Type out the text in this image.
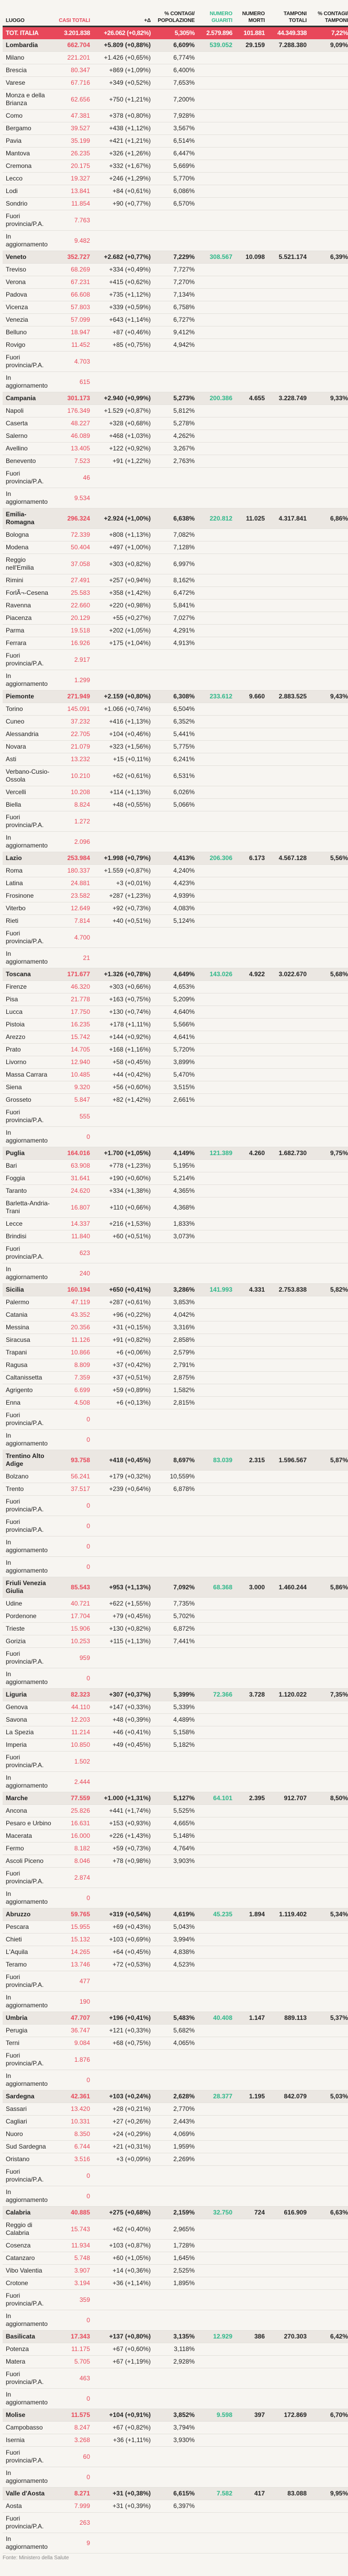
LUOGO	CASI TOTALI	+Δ	% CONTAGI/ POPOLAZIONE	NUMERO GUARITI	NUMERO MORTI	TAMPONI TOTALI	% CONTAGI/ TAMPONI
TOT. ITALIA	3.201.838	+26.062 (+0,82%)	5,305%	2.579.896	101.881	44.349.338	7,22%
Lombardia	662.704	+5.809 (+0,88%)	6,609%	539.052	29.159	7.288.380	9,09%
Milano	221.201	+1.426 (+0,65%)	6,774%				
Brescia	80.347	+869 (+1,09%)	6,400%				
Varese	67.716	+349 (+0,52%)	7,653%				
Monza e della Brianza	62.656	+750 (+1,21%)	7,200%				
Como	47.381	+378 (+0,80%)	7,928%				
Bergamo	39.527	+438 (+1,12%)	3,567%				
Pavia	35.199	+421 (+1,21%)	6,514%				
Mantova	26.235	+326 (+1,26%)	6,447%				
Cremona	20.175	+332 (+1,67%)	5,669%				
Lecco	19.327	+246 (+1,29%)	5,770%				
Lodi	13.841	+84 (+0,61%)	6,086%				
Sondrio	11.854	+90 (+0,77%)	6,570%				
Fuori provincia/P.A.	7.763						
In aggiornamento	9.482						
Veneto	352.727	+2.682 (+0,77%)	7,229%	308.567	10.098	5.521.174	6,39%
Treviso	68.269	+334 (+0,49%)	7,727%				
Verona	67.231	+415 (+0,62%)	7,270%				
Padova	66.608	+735 (+1,12%)	7,134%				
Vicenza	57.803	+339 (+0,59%)	6,758%				
Venezia	57.099	+643 (+1,14%)	6,727%				
Belluno	18.947	+87 (+0,46%)	9,412%				
Rovigo	11.452	+85 (+0,75%)	4,942%				
Fuori provincia/P.A.	4.703						
In aggiornamento	615						
Campania	301.173	+2.940 (+0,99%)	5,273%	200.386	4.655	3.228.749	9,33%
Napoli	176.349	+1.529 (+0,87%)	5,812%				
Caserta	48.227	+328 (+0,68%)	5,278%				
Salerno	46.089	+468 (+1,03%)	4,262%				
Avellino	13.405	+122 (+0,92%)	3,267%				
Benevento	7.523	+91 (+1,22%)	2,763%				
Fuori provincia/P.A.	46						
In aggiornamento	9.534						
Emilia-Romagna	296.324	+2.924 (+1,00%)	6,638%	220.812	11.025	4.317.841	6,86%
Bologna	72.339	+808 (+1,13%)	7,082%				
Modena	50.404	+497 (+1,00%)	7,128%				
Reggio nell'Emilia	37.058	+303 (+0,82%)	6,997%				
Rimini	27.491	+257 (+0,94%)	8,162%				
ForlÃ¬-Cesena	25.583	+358 (+1,42%)	6,472%				
Ravenna	22.660	+220 (+0,98%)	5,841%				
Piacenza	20.129	+55 (+0,27%)	7,027%				
Parma	19.518	+202 (+1,05%)	4,291%				
Ferrara	16.926	+175 (+1,04%)	4,913%				
Fuori provincia/P.A.	2.917						
In aggiornamento	1.299						
Piemonte	271.949	+2.159 (+0,80%)	6,308%	233.612	9.660	2.883.525	9,43%
Torino	145.091	+1.066 (+0,74%)	6,504%				
Cuneo	37.232	+416 (+1,13%)	6,352%				
Alessandria	22.705	+104 (+0,46%)	5,441%				
Novara	21.079	+323 (+1,56%)	5,775%				
Asti	13.232	+15 (+0,11%)	6,241%				
Verbano-Cusio-Ossola	10.210	+62 (+0,61%)	6,531%				
Vercelli	10.208	+114 (+1,13%)	6,026%				
Biella	8.824	+48 (+0,55%)	5,066%				
Fuori provincia/P.A.	1.272						
In aggiornamento	2.096						
Lazio	253.984	+1.998 (+0,79%)	4,413%	206.306	6.173	4.567.128	5,56%
Roma	180.337	+1.559 (+0,87%)	4,240%				
Latina	24.881	+3 (+0,01%)	4,423%				
Frosinone	23.582	+287 (+1,23%)	4,939%				
Viterbo	12.649	+92 (+0,73%)	4,083%				
Rieti	7.814	+40 (+0,51%)	5,124%				
Fuori provincia/P.A.	4.700						
In aggiornamento	21						
Toscana	171.677	+1.326 (+0,78%)	4,649%	143.026	4.922	3.022.670	5,68%
Firenze	46.320	+303 (+0,66%)	4,653%				
Pisa	21.778	+163 (+0,75%)	5,209%				
Lucca	17.750	+130 (+0,74%)	4,640%				
Pistoia	16.235	+178 (+1,11%)	5,566%				
Arezzo	15.742	+144 (+0,92%)	4,641%				
Prato	14.705	+168 (+1,16%)	5,720%				
Livorno	12.940	+58 (+0,45%)	3,899%				
Massa Carrara	10.485	+44 (+0,42%)	5,470%				
Siena	9.320	+56 (+0,60%)	3,515%				
Grosseto	5.847	+82 (+1,42%)	2,661%				
Fuori provincia/P.A.	555						
In aggiornamento	0						
Puglia	164.016	+1.700 (+1,05%)	4,149%	121.389	4.260	1.682.730	9,75%
Bari	63.908	+778 (+1,23%)	5,195%				
Foggia	31.641	+190 (+0,60%)	5,214%				
Taranto	24.620	+334 (+1,38%)	4,365%				
Barletta-Andria-Trani	16.807	+110 (+0,66%)	4,368%				
Lecce	14.337	+216 (+1,53%)	1,833%				
Brindisi	11.840	+60 (+0,51%)	3,073%				
Fuori provincia/P.A.	623						
In aggiornamento	240						
Sicilia	160.194	+650 (+0,41%)	3,286%	141.993	4.331	2.753.838	5,82%
Palermo	47.119	+287 (+0,61%)	3,853%				
Catania	43.352	+96 (+0,22%)	4,042%				
Messina	20.356	+31 (+0,15%)	3,316%				
Siracusa	11.126	+91 (+0,82%)	2,858%				
Trapani	10.866	+6 (+0,06%)	2,579%				
Ragusa	8.809	+37 (+0,42%)	2,791%				
Caltanissetta	7.359	+37 (+0,51%)	2,875%				
Agrigento	6.699	+59 (+0,89%)	1,582%				
Enna	4.508	+6 (+0,13%)	2,815%				
Fuori provincia/P.A.	0						
In aggiornamento	0						
Trentino Alto Adige	93.758	+418 (+0,45%)	8,697%	83.039	2.315	1.596.567	5,87%
Bolzano	56.241	+179 (+0,32%)	10,559%				
Trento	37.517	+239 (+0,64%)	6,878%				
Fuori provincia/P.A.	0						
Fuori provincia/P.A.	0						
In aggiornamento	0						
In aggiornamento	0						
Friuli Venezia Giulia	85.543	+953 (+1,13%)	7,092%	68.368	3.000	1.460.244	5,86%
Udine	40.721	+622 (+1,55%)	7,735%				
Pordenone	17.704	+79 (+0,45%)	5,702%				
Trieste	15.906	+130 (+0,82%)	6,872%				
Gorizia	10.253	+115 (+1,13%)	7,441%				
Fuori provincia/P.A.	959						
In aggiornamento	0						
Liguria	82.323	+307 (+0,37%)	5,399%	72.366	3.728	1.120.022	7,35%
Genova	44.110	+147 (+0,33%)	5,339%				
Savona	12.203	+48 (+0,39%)	4,489%				
La Spezia	11.214	+46 (+0,41%)	5,158%				
Imperia	10.850	+49 (+0,45%)	5,182%				
Fuori provincia/P.A.	1.502						
In aggiornamento	2.444						
Marche	77.559	+1.000 (+1,31%)	5,127%	64.101	2.395	912.707	8,50%
Ancona	25.826	+441 (+1,74%)	5,525%				
Pesaro e Urbino	16.631	+153 (+0,93%)	4,665%				
Macerata	16.000	+226 (+1,43%)	5,148%				
Fermo	8.182	+59 (+0,73%)	4,764%				
Ascoli Piceno	8.046	+78 (+0,98%)	3,903%				
Fuori provincia/P.A.	2.874						
In aggiornamento	0						
Abruzzo	59.765	+319 (+0,54%)	4,619%	45.235	1.894	1.119.402	5,34%
Pescara	15.955	+69 (+0,43%)	5,043%				
Chieti	15.132	+103 (+0,69%)	3,994%				
L'Aquila	14.265	+64 (+0,45%)	4,838%				
Teramo	13.746	+72 (+0,53%)	4,523%				
Fuori provincia/P.A.	477						
In aggiornamento	190						
Umbria	47.707	+196 (+0,41%)	5,483%	40.408	1.147	889.113	5,37%
Perugia	36.747	+121 (+0,33%)	5,682%				
Terni	9.084	+68 (+0,75%)	4,065%				
Fuori provincia/P.A.	1.876						
In aggiornamento	0						
Sardegna	42.361	+103 (+0,24%)	2,628%	28.377	1.195	842.079	5,03%
Sassari	13.420	+28 (+0,21%)	2,770%				
Cagliari	10.331	+27 (+0,26%)	2,443%				
Nuoro	8.350	+24 (+0,29%)	4,069%				
Sud Sardegna	6.744	+21 (+0,31%)	1,959%				
Oristano	3.516	+3 (+0,09%)	2,269%				
Fuori provincia/P.A.	0						
In aggiornamento	0						
Calabria	40.885	+275 (+0,68%)	2,159%	32.750	724	616.909	6,63%
Reggio di Calabria	15.743	+62 (+0,40%)	2,965%				
Cosenza	11.934	+103 (+0,87%)	1,728%				
Catanzaro	5.748	+60 (+1,05%)	1,645%				
Vibo Valentia	3.907	+14 (+0,36%)	2,525%				
Crotone	3.194	+36 (+1,14%)	1,895%				
Fuori provincia/P.A.	359						
In aggiornamento	0						
Basilicata	17.343	+137 (+0,80%)	3,135%	12.929	386	270.303	6,42%
Potenza	11.175	+67 (+0,60%)	3,118%				
Matera	5.705	+67 (+1,19%)	2,928%				
Fuori provincia/P.A.	463						
In aggiornamento	0						
Molise	11.575	+104 (+0,91%)	3,852%	9.598	397	172.869	6,70%
Campobasso	8.247	+67 (+0,82%)	3,794%				
Isernia	3.268	+36 (+1,11%)	3,930%				
Fuori provincia/P.A.	60						
In aggiornamento	0						
Valle d'Aosta	8.271	+31 (+0,38%)	6,615%	7.582	417	83.088	9,95%
Aosta	7.999	+31 (+0,39%)	6,397%				
Fuori provincia/P.A.	263						
In aggiornamento	9						
Fonte: Ministero della Salute
